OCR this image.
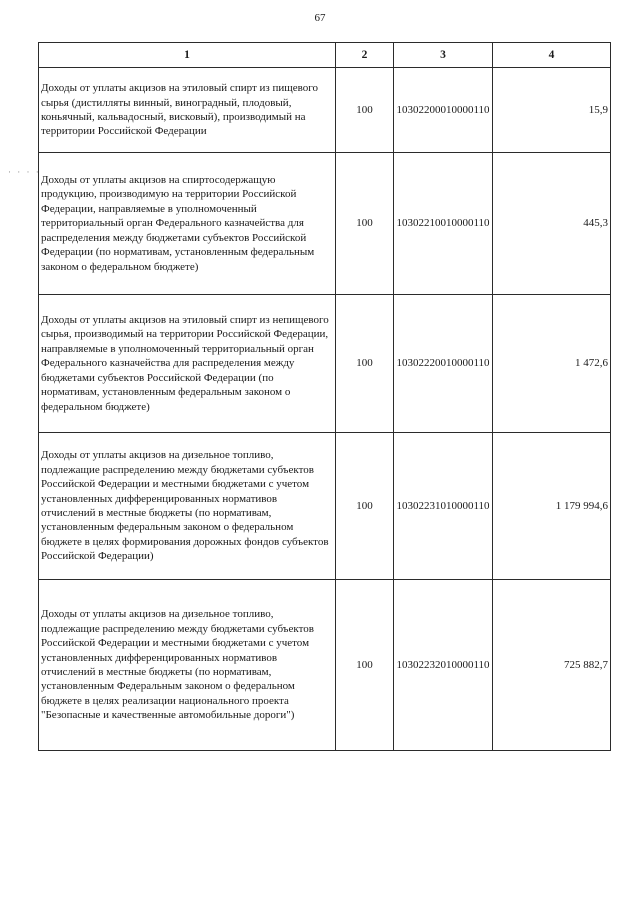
67
· · · ·
1	2	3	4
Доходы от уплаты акцизов на этиловый спирт из пищевого сырья (дистилляты винный, виноградный, плодовый, коньячный, кальвадосный, висковый), производимый на территории Российской Федерации	100	10302200010000110	15,9
Доходы от уплаты акцизов на спиртосодержащую продукцию, производимую на территории Российской Федерации, направляемые в уполномоченный территориальный орган Федерального казначейства для распределения между бюджетами субъектов Российской Федерации (по нормативам, установленным федеральным законом о федеральном бюджете)	100	10302210010000110	445,3
Доходы от уплаты акцизов на этиловый спирт из непищевого сырья, производимый на территории Российской Федерации, направляемые в уполномоченный территориальный орган Федерального казначейства для распределения между бюджетами субъектов Российской Федерации (по нормативам, установленным федеральным законом о федеральном бюджете)	100	10302220010000110	1 472,6
Доходы от уплаты акцизов на дизельное топливо, подлежащие распределению между бюджетами субъектов Российской Федерации и местными бюджетами с учетом установленных дифференцированных нормативов отчислений в местные бюджеты (по нормативам, установленным федеральным законом о федеральном бюджете в целях формирования дорожных фондов субъектов Российской Федерации)	100	10302231010000110	1 179 994,6
Доходы от уплаты акцизов на дизельное топливо, подлежащие распределению между бюджетами субъектов Российской Федерации и местными бюджетами с учетом установленных дифференцированных нормативов отчислений в местные бюджеты (по нормативам, установленным Федеральным законом о федеральном бюджете в целях реализации национального проекта "Безопасные и качественные автомобильные дороги")	100	10302232010000110	725 882,7
